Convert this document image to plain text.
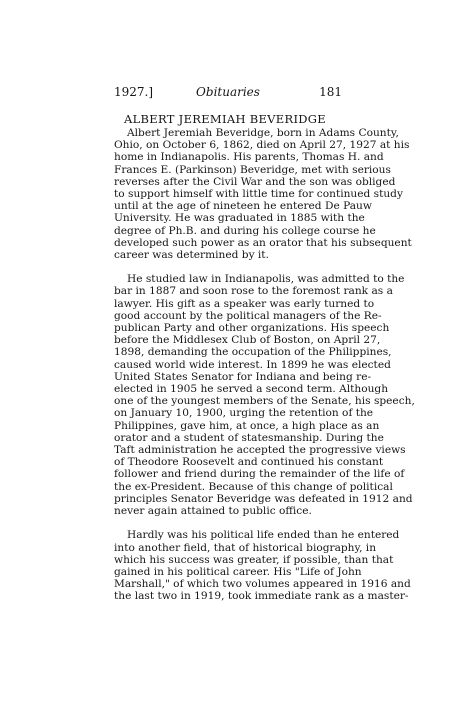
1927.]	Obituaries	181
ALBERT JEREMIAH BEVERIDGE
Albert Jeremiah Beveridge, born in Adams County,
Ohio, on October 6, 1862, died on April 27, 1927 at his
home in Indianapolis. His parents, Thomas H. and
Frances E. (Parkinson) Beveridge, met with serious
reverses after the Civil War and the son was obliged
to support himself with little time for continued study
until at the age of nineteen he entered De Pauw
University. He was graduated in 1885 with the
degree of Ph.B. and during his college course he
developed such power as an orator that his subsequent
career was determined by it.
He studied law in Indianapolis, was admitted to the
bar in 1887 and soon rose to the foremost rank as a
lawyer. His gift as a speaker was early turned to
good account by the political managers of the Re-
publican Party and other organizations. His speech
before the Middlesex Club of Boston, on April 27,
1898, demanding the occupation of the Philippines,
caused world wide interest. In 1899 he was elected
United States Senator for Indiana and being re-
elected in 1905 he served a second term. Although
one of the youngest members of the Senate, his speech,
on January 10, 1900, urging the retention of the
Philippines, gave him, at once, a high place as an
orator and a student of statesmanship. During the
Taft administration he accepted the progressive views
of Theodore Roosevelt and continued his constant
follower and friend during the remainder of the life of
the ex-President. Because of this change of political
principles Senator Beveridge was defeated in 1912 and
never again attained to public office.
Hardly was his political life ended than he entered
into another field, that of historical biography, in
which his success was greater, if possible, than that
gained in his political career. His "Life of John
Marshall," of which two volumes appeared in 1916 and
the last two in 1919, took immediate rank as a master-
